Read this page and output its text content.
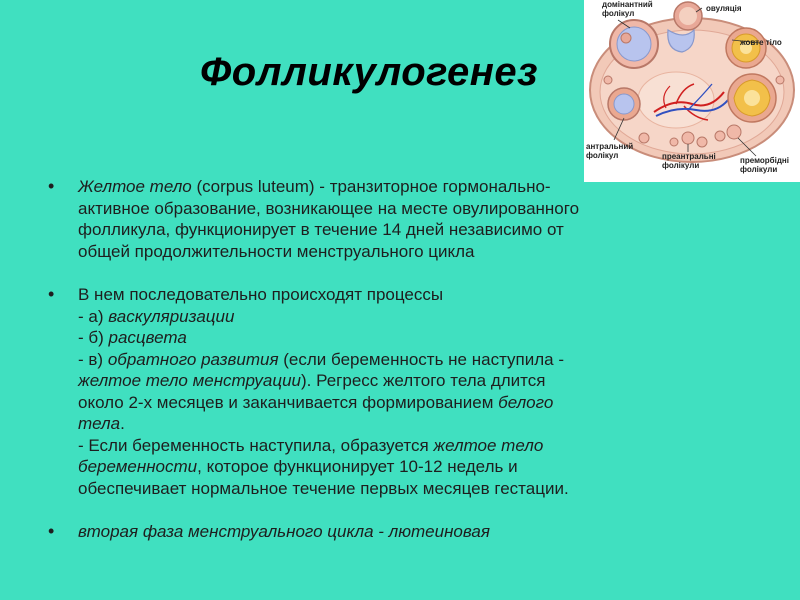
Фолликулогенез
домінантний
фолікул
овуляція
жовте тіло
антральний
фолікул	преантральні
фолікули
преморбідні
фолікули
• Желтое тело (corpus luteum) - транзиторное гормонально-
активное образование, возникающее на месте овулированного
фолликула, функционирует в течение 14 дней независимо от
общей продолжительности менструального цикла
• В нем последовательно происходят процессы
- а) васкуляризации
- б) расцвета
- в) обратного развития (если беременность не наступила -
желтое тело менструации). Регресс желтого тела длится
около 2-х месяцев и заканчивается формированием белого
тела.
- Если беременность наступила, образуется желтое тело
беременности, которое функционирует 10-12 недель и
обеспечивает нормальное течение первых месяцев гестации.
• вторая фаза менструального цикла - лютеиновая
